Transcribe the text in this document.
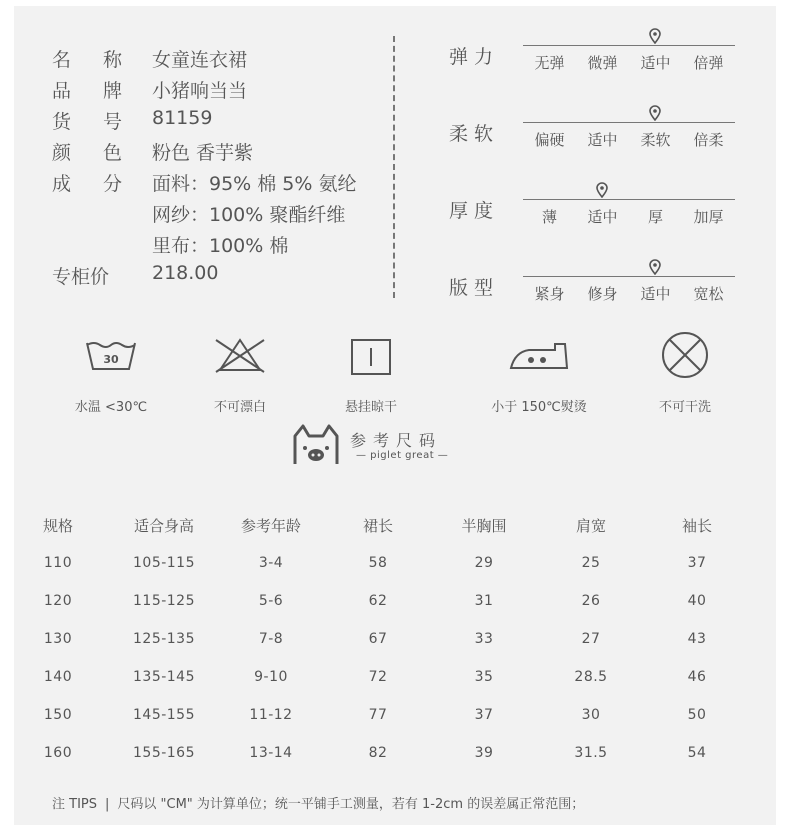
名 称 女童连衣裙
品 牌 小猪响当当
货 号 81159
颜 色 粉色 香芋紫
成 分 面料：95% 棉 5% 氨纶
网纱：100% 聚酯纤维
里布：100% 棉
专柜价	218.00
弹力	无弹	微弹	适中	倍弹
柔软	偏硬	适中	柔软	倍柔
厚度	薄	适中	厚	加厚
版型	紧身	修身	适中	宽松
30
水温 <30℃	不可漂白	悬挂晾干	小于 150℃熨烫	不可干洗
参考尺码
— piglet great —
规格	适合身高	参考年龄	裙长	半胸围	肩宽	袖长
110	105-115	3-4	58	29	25	37
120	115-125	5-6	62	31	26	40
130	125-135	7-8	67	33	27	43
140	135-145	9-10	72	35	28.5	46
150	145-155	11-12	77	37	30	50
160	155-165	13-14	82	39	31.5	54
注 TIPS | 尺码以 "CM" 为计算单位；统一平铺手工测量，若有 1-2cm 的误差属正常范围；
